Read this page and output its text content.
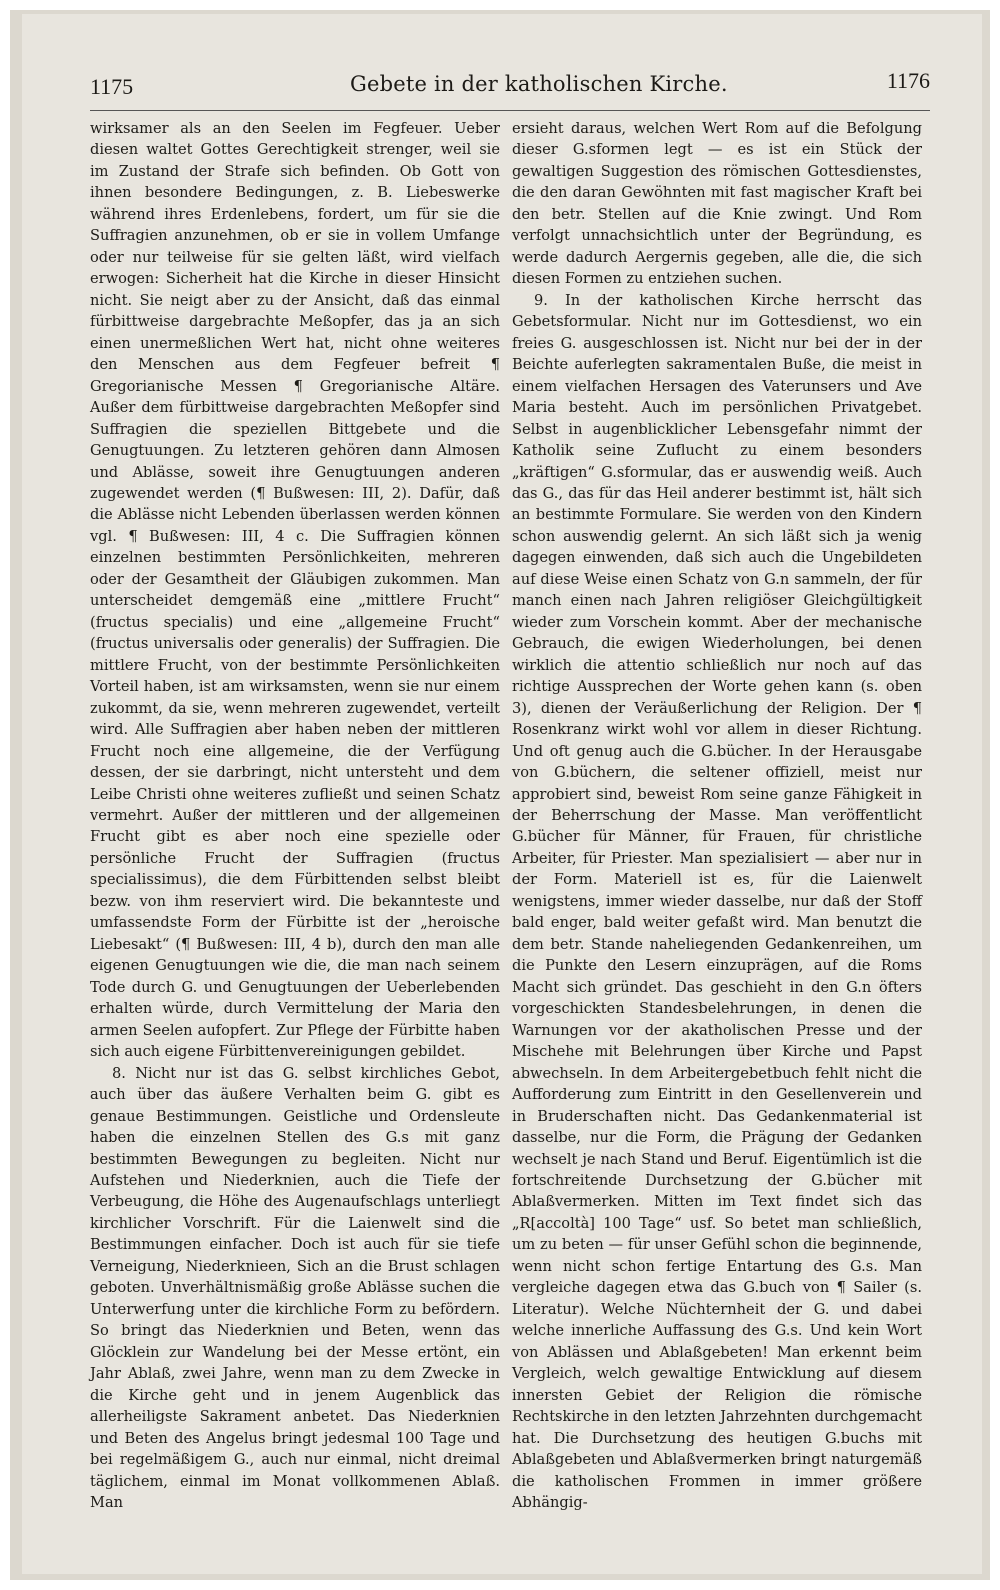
1175	Gebete in der katholischen Kirche.	1176

wirksamer als an den Seelen im Fegfeuer. Ueber diesen waltet Gottes Gerechtigkeit strenger, weil sie im Zustand der Strafe sich befinden. Ob Gott von ihnen besondere Bedingungen, z. B. Liebeswerke während ihres Erdenlebens, fordert, um für sie die Suffragien anzunehmen, ob er sie in vollem Umfange oder nur teilweise für sie gelten läßt, wird vielfach erwogen: Sicherheit hat die Kirche in dieser Hinsicht nicht. Sie neigt aber zu der Ansicht, daß das einmal fürbittweise dargebrachte Meßopfer, das ja an sich einen unermeßlichen Wert hat, nicht ohne weiteres den Menschen aus dem Fegfeuer befreit ¶ Gregorianische Messen ¶ Gregorianische Altäre. Außer dem fürbittweise dargebrachten Meßopfer sind Suffragien die speziellen Bittgebete und die Genugtuungen. Zu letzteren gehören dann Almosen und Ablässe, soweit ihre Genugtuungen anderen zugewendet werden (¶ Bußwesen: III, 2). Dafür, daß die Ablässe nicht Lebenden überlassen werden können vgl. ¶ Bußwesen: III, 4 c. Die Suffragien können einzelnen bestimmten Persönlichkeiten, mehreren oder der Gesamtheit der Gläubigen zukommen. Man unterscheidet demgemäß eine „mittlere Frucht“ (fructus specialis) und eine „allgemeine Frucht“ (fructus universalis oder generalis) der Suffragien. Die mittlere Frucht, von der bestimmte Persönlichkeiten Vorteil haben, ist am wirksamsten, wenn sie nur einem zukommt, da sie, wenn mehreren zugewendet, verteilt wird. Alle Suffragien aber haben neben der mittleren Frucht noch eine allgemeine, die der Verfügung dessen, der sie darbringt, nicht untersteht und dem Leibe Christi ohne weiteres zufließt und seinen Schatz vermehrt. Außer der mittleren und der allgemeinen Frucht gibt es aber noch eine spezielle oder persönliche Frucht der Suffragien (fructus specialissimus), die dem Fürbittenden selbst bleibt bezw. von ihm reserviert wird. Die bekannteste und umfassendste Form der Fürbitte ist der „heroische Liebesakt“ (¶ Bußwesen: III, 4 b), durch den man alle eigenen Genugtuungen wie die, die man nach seinem Tode durch G. und Genugtuungen der Ueberlebenden erhalten würde, durch Vermittelung der Maria den armen Seelen aufopfert. Zur Pflege der Fürbitte haben sich auch eigene Fürbittenvereinigungen gebildet.

8. Nicht nur ist das G. selbst kirchliches Gebot, auch über das äußere Verhalten beim G. gibt es genaue Bestimmungen. Geistliche und Ordensleute haben die einzelnen Stellen des G.s mit ganz bestimmten Bewegungen zu begleiten. Nicht nur Aufstehen und Niederknien, auch die Tiefe der Verbeugung, die Höhe des Augenaufschlags unterliegt kirchlicher Vorschrift. Für die Laienwelt sind die Bestimmungen einfacher. Doch ist auch für sie tiefe Verneigung, Niederknieen, Sich an die Brust schlagen geboten. Unverhältnismäßig große Ablässe suchen die Unterwerfung unter die kirchliche Form zu befördern. So bringt das Niederknien und Beten, wenn das Glöcklein zur Wandelung bei der Messe ertönt, ein Jahr Ablaß, zwei Jahre, wenn man zu dem Zwecke in die Kirche geht und in jenem Augenblick das allerheiligste Sakrament anbetet. Das Niederknien und Beten des Angelus bringt jedesmal 100 Tage und bei regelmäßigem G., auch nur einmal, nicht dreimal täglichem, einmal im Monat vollkommenen Ablaß. Man

ersieht daraus, welchen Wert Rom auf die Befolgung dieser G.sformen legt — es ist ein Stück der gewaltigen Suggestion des römischen Gottesdienstes, die den daran Gewöhnten mit fast magischer Kraft bei den betr. Stellen auf die Knie zwingt. Und Rom verfolgt unnachsichtlich unter der Begründung, es werde dadurch Aergernis gegeben, alle die, die sich diesen Formen zu entziehen suchen.

9. In der katholischen Kirche herrscht das Gebetsformular. Nicht nur im Gottesdienst, wo ein freies G. ausgeschlossen ist. Nicht nur bei der in der Beichte auferlegten sakramentalen Buße, die meist in einem vielfachen Hersagen des Vaterunsers und Ave Maria besteht. Auch im persönlichen Privatgebet. Selbst in augenblicklicher Lebensgefahr nimmt der Katholik seine Zuflucht zu einem besonders „kräftigen“ G.sformular, das er auswendig weiß. Auch das G., das für das Heil anderer bestimmt ist, hält sich an bestimmte Formulare. Sie werden von den Kindern schon auswendig gelernt. An sich läßt sich ja wenig dagegen einwenden, daß sich auch die Ungebildeten auf diese Weise einen Schatz von G.n sammeln, der für manch einen nach Jahren religiöser Gleichgültigkeit wieder zum Vorschein kommt. Aber der mechanische Gebrauch, die ewigen Wiederholungen, bei denen wirklich die attentio schließlich nur noch auf das richtige Aussprechen der Worte gehen kann (s. oben 3), dienen der Veräußerlichung der Religion. Der ¶ Rosenkranz wirkt wohl vor allem in dieser Richtung. Und oft genug auch die G.bücher. In der Herausgabe von G.büchern, die seltener offiziell, meist nur approbiert sind, beweist Rom seine ganze Fähigkeit in der Beherrschung der Masse. Man veröffentlicht G.bücher für Männer, für Frauen, für christliche Arbeiter, für Priester. Man spezialisiert — aber nur in der Form. Materiell ist es, für die Laienwelt wenigstens, immer wieder dasselbe, nur daß der Stoff bald enger, bald weiter gefaßt wird. Man benutzt die dem betr. Stande naheliegenden Gedankenreihen, um die Punkte den Lesern einzuprägen, auf die Roms Macht sich gründet. Das geschieht in den G.n öfters vorgeschickten Standesbelehrungen, in denen die Warnungen vor der akatholischen Presse und der Mischehe mit Belehrungen über Kirche und Papst abwechseln. In dem Arbeitergebetbuch fehlt nicht die Aufforderung zum Eintritt in den Gesellenverein und in Bruderschaften nicht. Das Gedankenmaterial ist dasselbe, nur die Form, die Prägung der Gedanken wechselt je nach Stand und Beruf. Eigentümlich ist die fortschreitende Durchsetzung der G.bücher mit Ablaßvermerken. Mitten im Text findet sich das „R[accoltà] 100 Tage“ usf. So betet man schließlich, um zu beten — für unser Gefühl schon die beginnende, wenn nicht schon fertige Entartung des G.s. Man vergleiche dagegen etwa das G.buch von ¶ Sailer (s. Literatur). Welche Nüchternheit der G. und dabei welche innerliche Auffassung des G.s. Und kein Wort von Ablässen und Ablaßgebeten! Man erkennt beim Vergleich, welch gewaltige Entwicklung auf diesem innersten Gebiet der Religion die römische Rechtskirche in den letzten Jahrzehnten durchgemacht hat. Die Durchsetzung des heutigen G.buchs mit Ablaßgebeten und Ablaßvermerken bringt naturgemäß die katholischen Frommen in immer größere Abhängig-
